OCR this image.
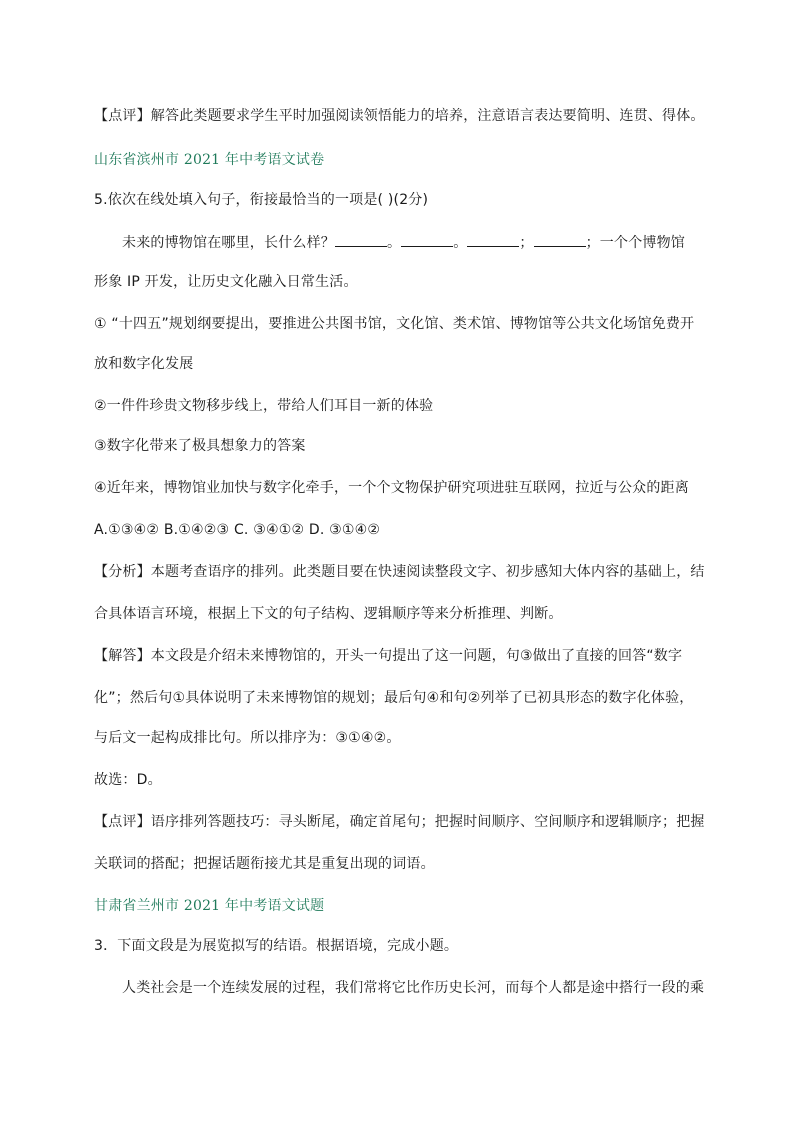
【点评】解答此类题要求学生平时加强阅读领悟能力的培养，注意语言表达要简明、连贯、得体。
山东省滨州市 2021 年中考语文试卷
5.依次在线处填入句子，衔接最恰当的一项是( )(2分)
未来的博物馆在哪里，长什么样？	。	。	；	；一个个博物馆
形象 IP 开发，让历史文化融入日常生活。
① “十四五”规划纲要提出，要推进公共图书馆，文化馆、类术馆、博物馆等公共文化场馆免费开
放和数字化发展
②一件件珍贵文物移步线上，带给人们耳目一新的体验
③数字化带来了极具想象力的答案
④近年来，博物馆业加快与数字化牵手，一个个文物保护研究项进驻互联网，拉近与公众的距离
A.①③④② B.①④②③ C. ③④①② D. ③①④②
【分析】本题考查语序的排列。此类题目要在快速阅读整段文字、初步感知大体内容的基础上，结
合具体语言环境，根据上下文的句子结构、逻辑顺序等来分析推理、判断。
【解答】本文段是介绍未来博物馆的，开头一句提出了这一问题，句③做出了直接的回答“数字
化”；然后句①具体说明了未来博物馆的规划；最后句④和句②列举了已初具形态的数字化体验，
与后文一起构成排比句。所以排序为：③①④②。
故选：D。
【点评】语序排列答题技巧：寻头断尾，确定首尾句；把握时间顺序、空间顺序和逻辑顺序；把握
关联词的搭配；把握话题衔接尤其是重复出现的词语。
甘肃省兰州市 2021 年中考语文试题
3．下面文段是为展览拟写的结语。根据语境，完成小题。
人类社会是一个连续发展的过程，我们常将它比作历史长河，而每个人都是途中搭行一段的乘
